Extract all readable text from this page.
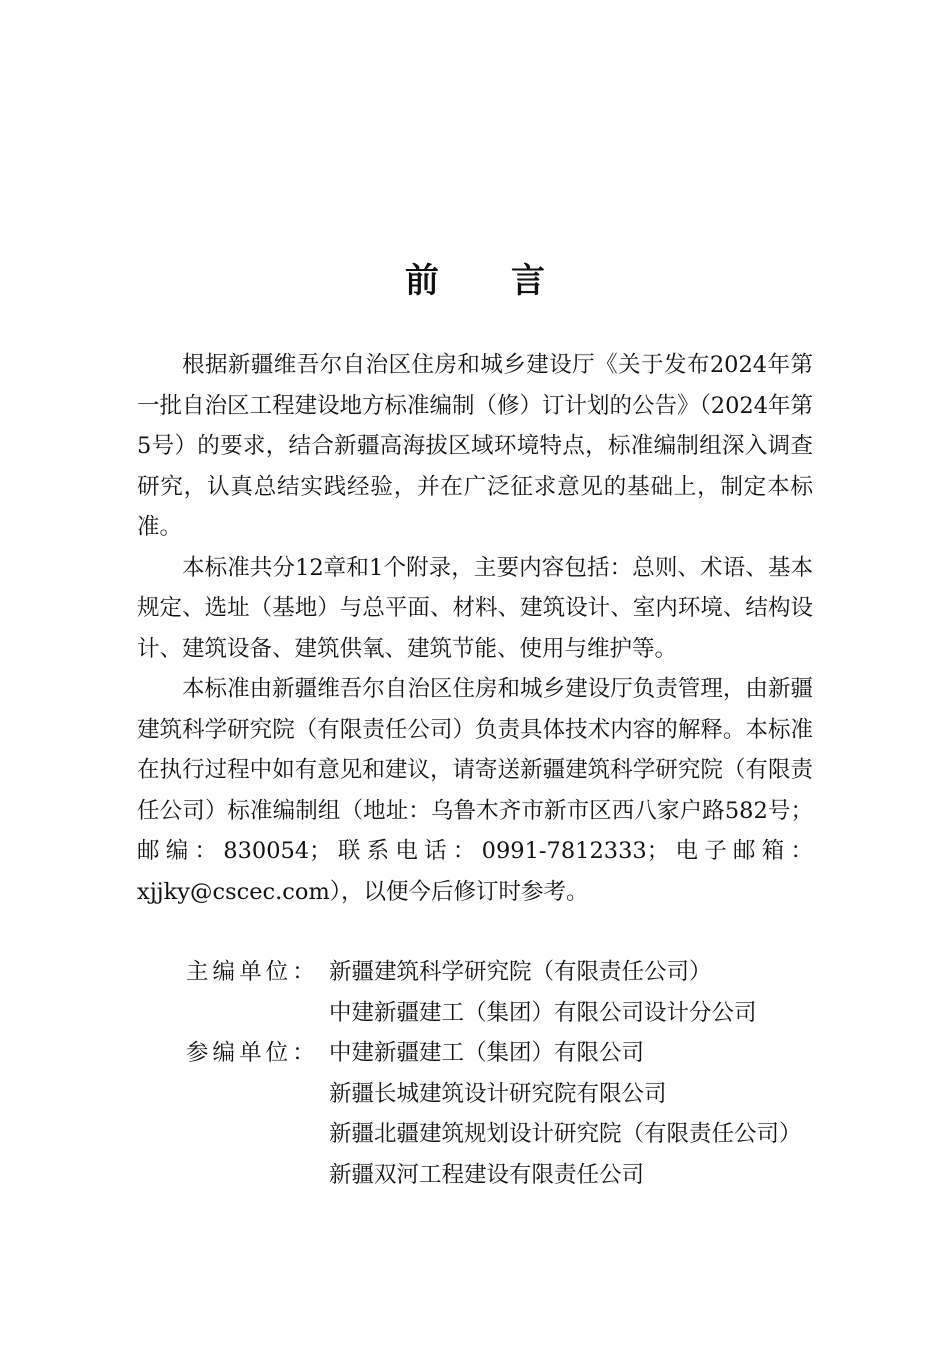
前 言

根据新疆维吾尔自治区住房和城乡建设厅《关于发布2024年第一批自治区工程建设地方标准编制（修）订计划的公告》（2024年第5号）的要求，结合新疆高海拔区域环境特点，标准编制组深入调查研究，认真总结实践经验，并在广泛征求意见的基础上，制定本标准。

本标准共分12章和1个附录，主要内容包括：总则、术语、基本规定、选址（基地）与总平面、材料、建筑设计、室内环境、结构设计、建筑设备、建筑供氧、建筑节能、使用与维护等。

本标准由新疆维吾尔自治区住房和城乡建设厅负责管理，由新疆建筑科学研究院（有限责任公司）负责具体技术内容的解释。本标准在执行过程中如有意见和建议，请寄送新疆建筑科学研究院（有限责任公司）标准编制组（地址：乌鲁木齐市新市区西八家户路582号；邮编：830054；联系电话：0991-7812333；电子邮箱：xjjky@cscec.com），以便今后修订时参考。

主编单位： 新疆建筑科学研究院（有限责任公司）
中建新疆建工（集团）有限公司设计分公司
参编单位： 中建新疆建工（集团）有限公司
新疆长城建筑设计研究院有限公司
新疆北疆建筑规划设计研究院（有限责任公司）
新疆双河工程建设有限责任公司
